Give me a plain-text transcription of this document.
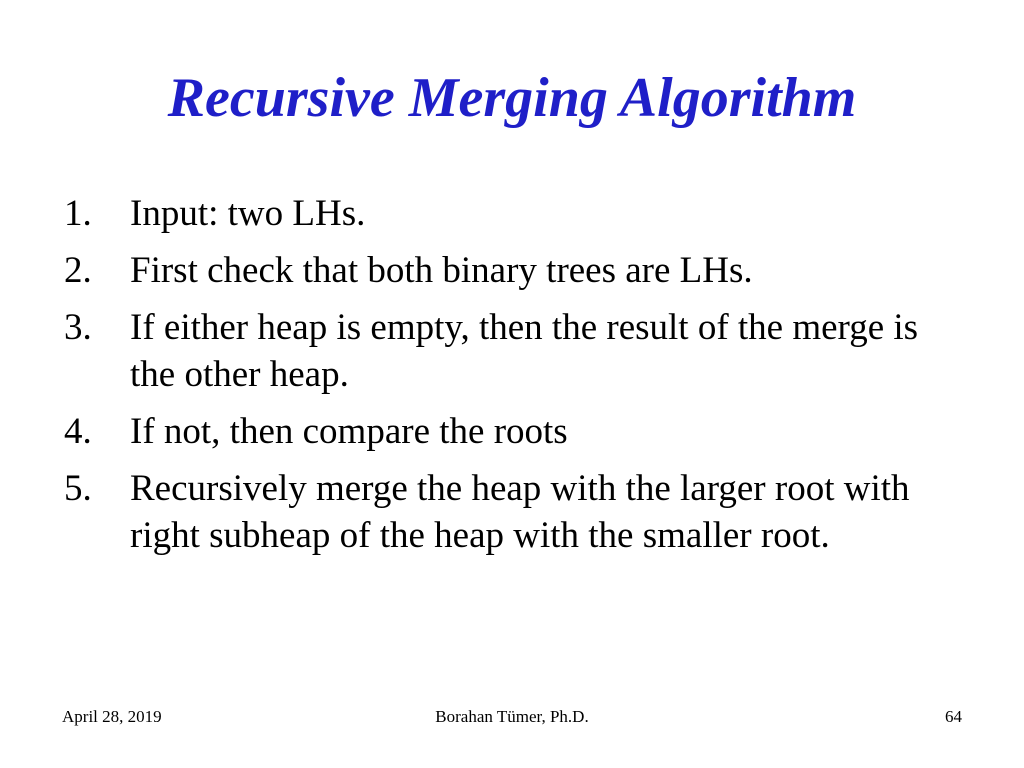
Recursive Merging Algorithm
1.	Input: two LHs.
2.	First check that both binary trees are LHs.
3.	If either heap is empty, then the result of the merge is the other heap.
4.	If not, then compare the roots
5.	Recursively merge the heap with the larger root with right subheap of the heap with the smaller root.
April 28, 2019	Borahan Tümer, Ph.D.	64
